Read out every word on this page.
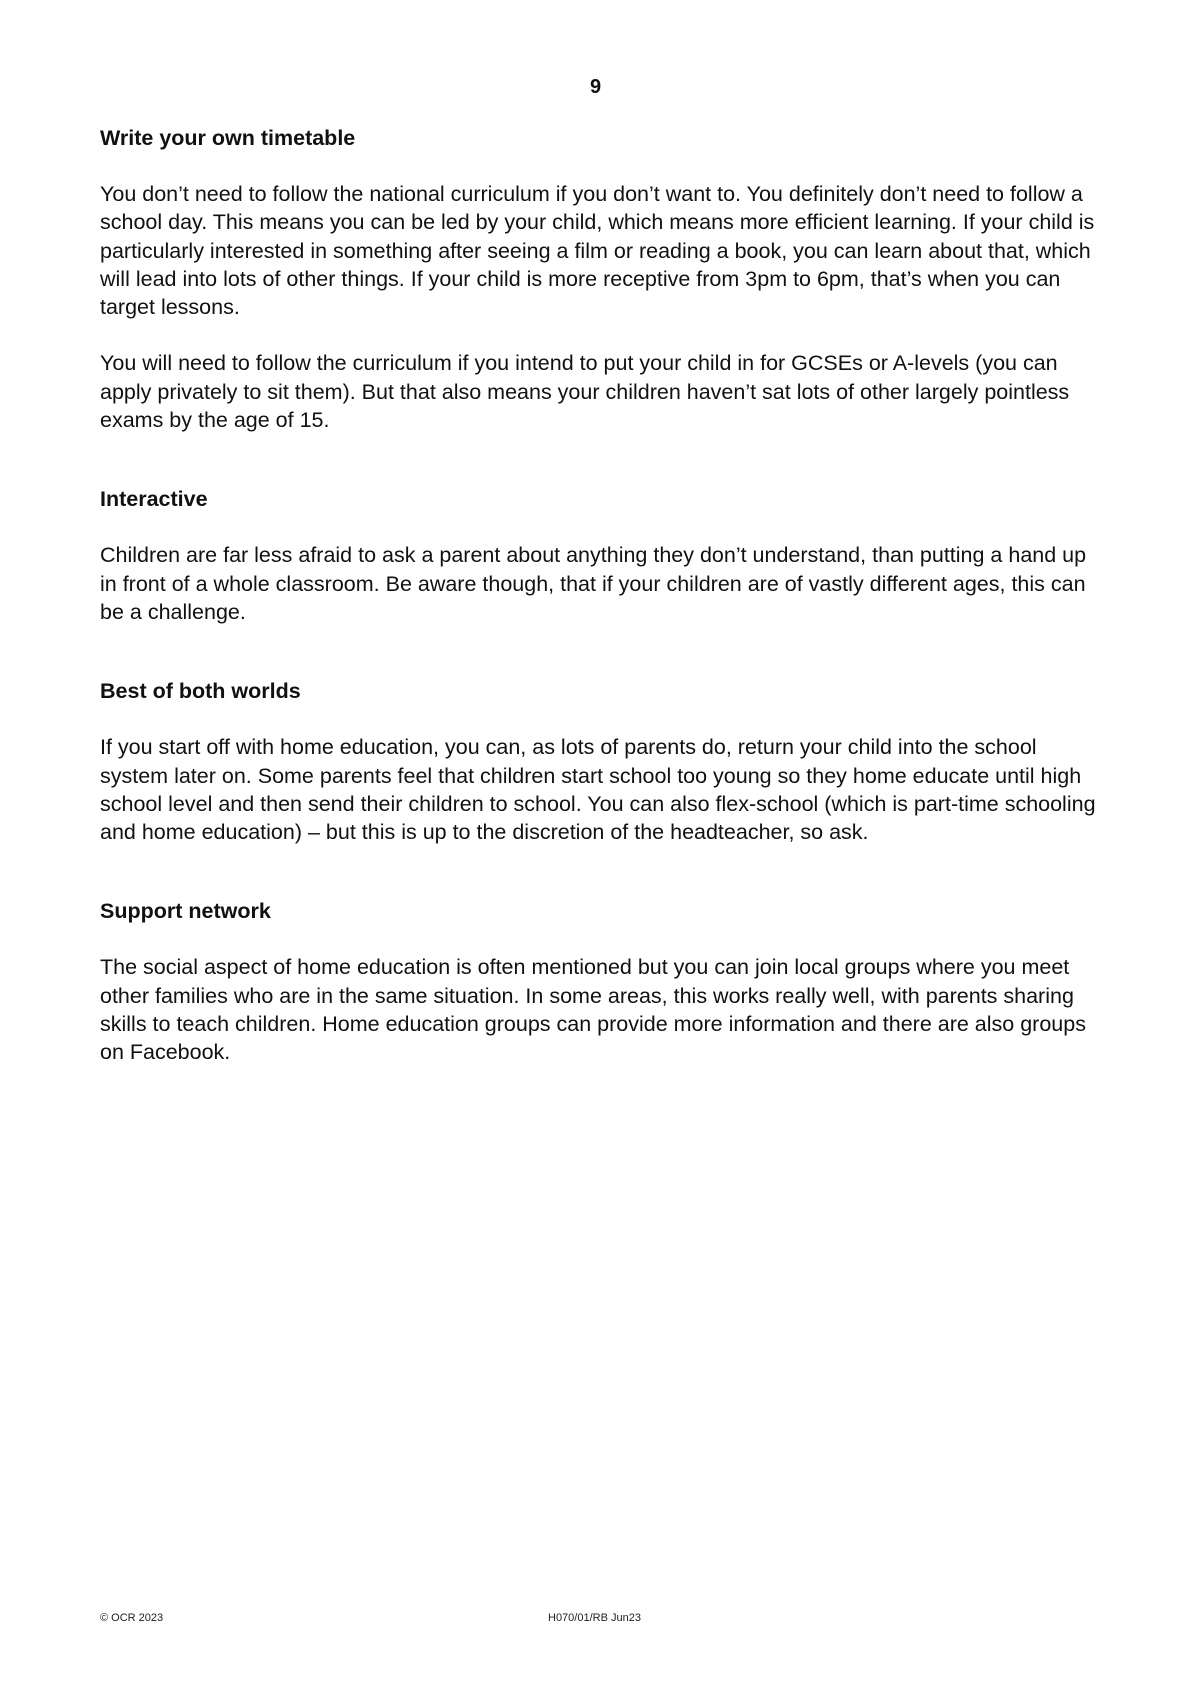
9

Write your own timetable

You don’t need to follow the national curriculum if you don’t want to. You definitely don’t need to follow a school day. This means you can be led by your child, which means more efficient learning. If your child is particularly interested in something after seeing a film or reading a book, you can learn about that, which will lead into lots of other things. If your child is more receptive from 3pm to 6pm, that’s when you can target lessons.

You will need to follow the curriculum if you intend to put your child in for GCSEs or A-levels (you can apply privately to sit them). But that also means your children haven’t sat lots of other largely pointless exams by the age of 15.

Interactive

Children are far less afraid to ask a parent about anything they don’t understand, than putting a hand up in front of a whole classroom. Be aware though, that if your children are of vastly different ages, this can be a challenge.

Best of both worlds

If you start off with home education, you can, as lots of parents do, return your child into the school system later on. Some parents feel that children start school too young so they home educate until high school level and then send their children to school. You can also flex-school (which is part-time schooling and home education) – but this is up to the discretion of the headteacher, so ask.

Support network

The social aspect of home education is often mentioned but you can join local groups where you meet other families who are in the same situation. In some areas, this works really well, with parents sharing skills to teach children. Home education groups can provide more information and there are also groups on Facebook.

© OCR 2023	H070/01/RB Jun23
